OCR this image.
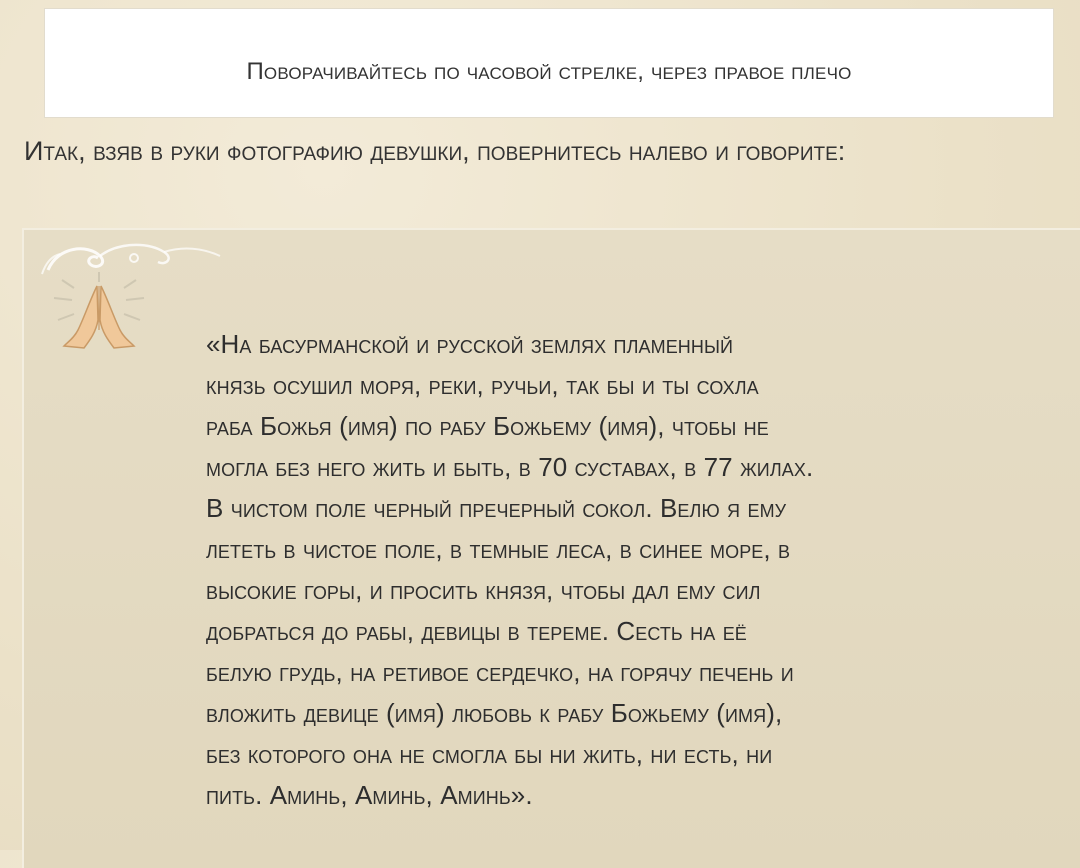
Поворачивайтесь по часовой стрелке, через правое плечо
Итак, взяв в руки фотографию девушки, повернитесь налево и говорите:
«На басурманской и русской землях пламенный
князь осушил моря, реки, ручьи, так бы и ты сохла
раба Божья (имя) по рабу Божьему (имя), чтобы не
могла без него жить и быть, в 70 суставах, в 77 жилах.
В чистом поле черный пречерный сокол. Велю я ему
лететь в чистое поле, в темные леса, в синее море, в
высокие горы, и просить князя, чтобы дал ему сил
добраться до рабы, девицы в тереме. Сесть на её
белую грудь, на ретивое сердечко, на горячу печень и
вложить девице (имя) любовь к рабу Божьему (имя),
без которого она не смогла бы ни жить, ни есть, ни
пить. Аминь, Аминь, Аминь».
